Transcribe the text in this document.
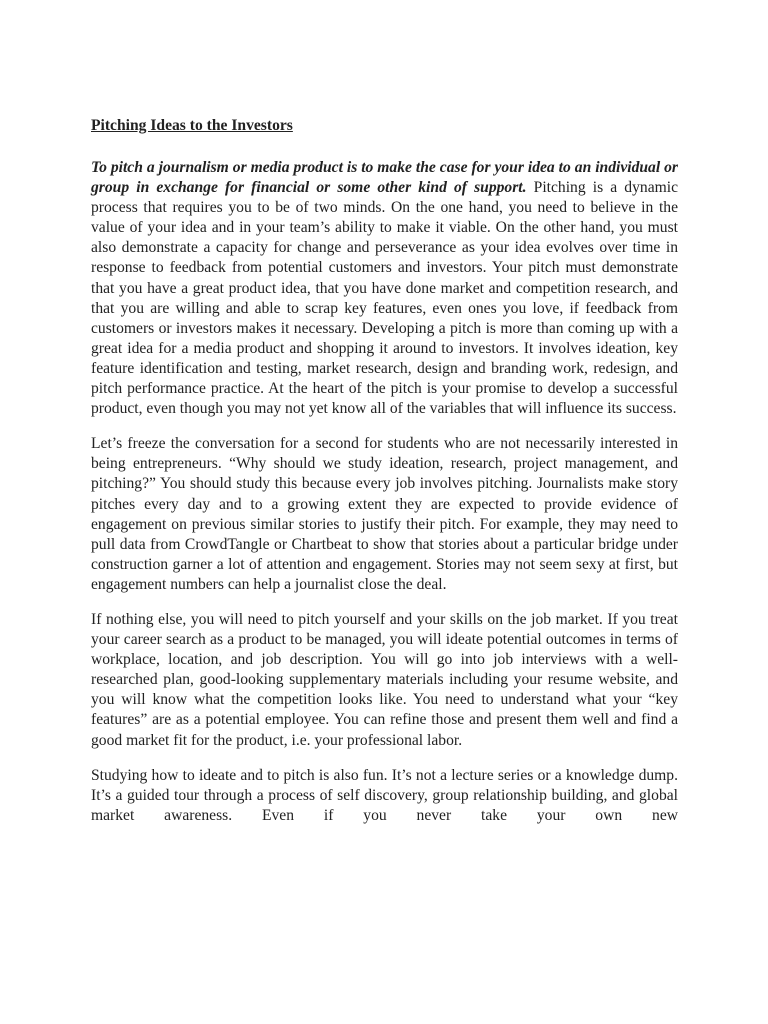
Pitching Ideas to the Investors

To pitch a journalism or media product is to make the case for your idea to an individual or group in exchange for financial or some other kind of support. Pitching is a dynamic process that requires you to be of two minds. On the one hand, you need to believe in the value of your idea and in your team’s ability to make it viable. On the other hand, you must also demonstrate a capacity for change and perseverance as your idea evolves over time in response to feedback from potential customers and investors. Your pitch must demonstrate that you have a great product idea, that you have done market and competition research, and that you are willing and able to scrap key features, even ones you love, if feedback from customers or investors makes it necessary. Developing a pitch is more than coming up with a great idea for a media product and shopping it around to investors. It involves ideation, key feature identification and testing, market research, design and branding work, redesign, and pitch performance practice. At the heart of the pitch is your promise to develop a successful product, even though you may not yet know all of the variables that will influence its success.

Let’s freeze the conversation for a second for students who are not necessarily interested in being entrepreneurs. “Why should we study ideation, research, project management, and pitching?” You should study this because every job involves pitching. Journalists make story pitches every day and to a growing extent they are expected to provide evidence of engagement on previous similar stories to justify their pitch. For example, they may need to pull data from CrowdTangle or Chartbeat to show that stories about a particular bridge under construction garner a lot of attention and engagement. Stories may not seem sexy at first, but engagement numbers can help a journalist close the deal.

If nothing else, you will need to pitch yourself and your skills on the job market. If you treat your career search as a product to be managed, you will ideate potential outcomes in terms of workplace, location, and job description. You will go into job interviews with a well-researched plan, good-looking supplementary materials including your resume website, and you will know what the competition looks like. You need to understand what your “key features” are as a potential employee. You can refine those and present them well and find a good market fit for the product, i.e. your professional labor.

Studying how to ideate and to pitch is also fun. It’s not a lecture series or a knowledge dump. It’s a guided tour through a process of self discovery, group relationship building, and global market awareness. Even if you never take your own new
